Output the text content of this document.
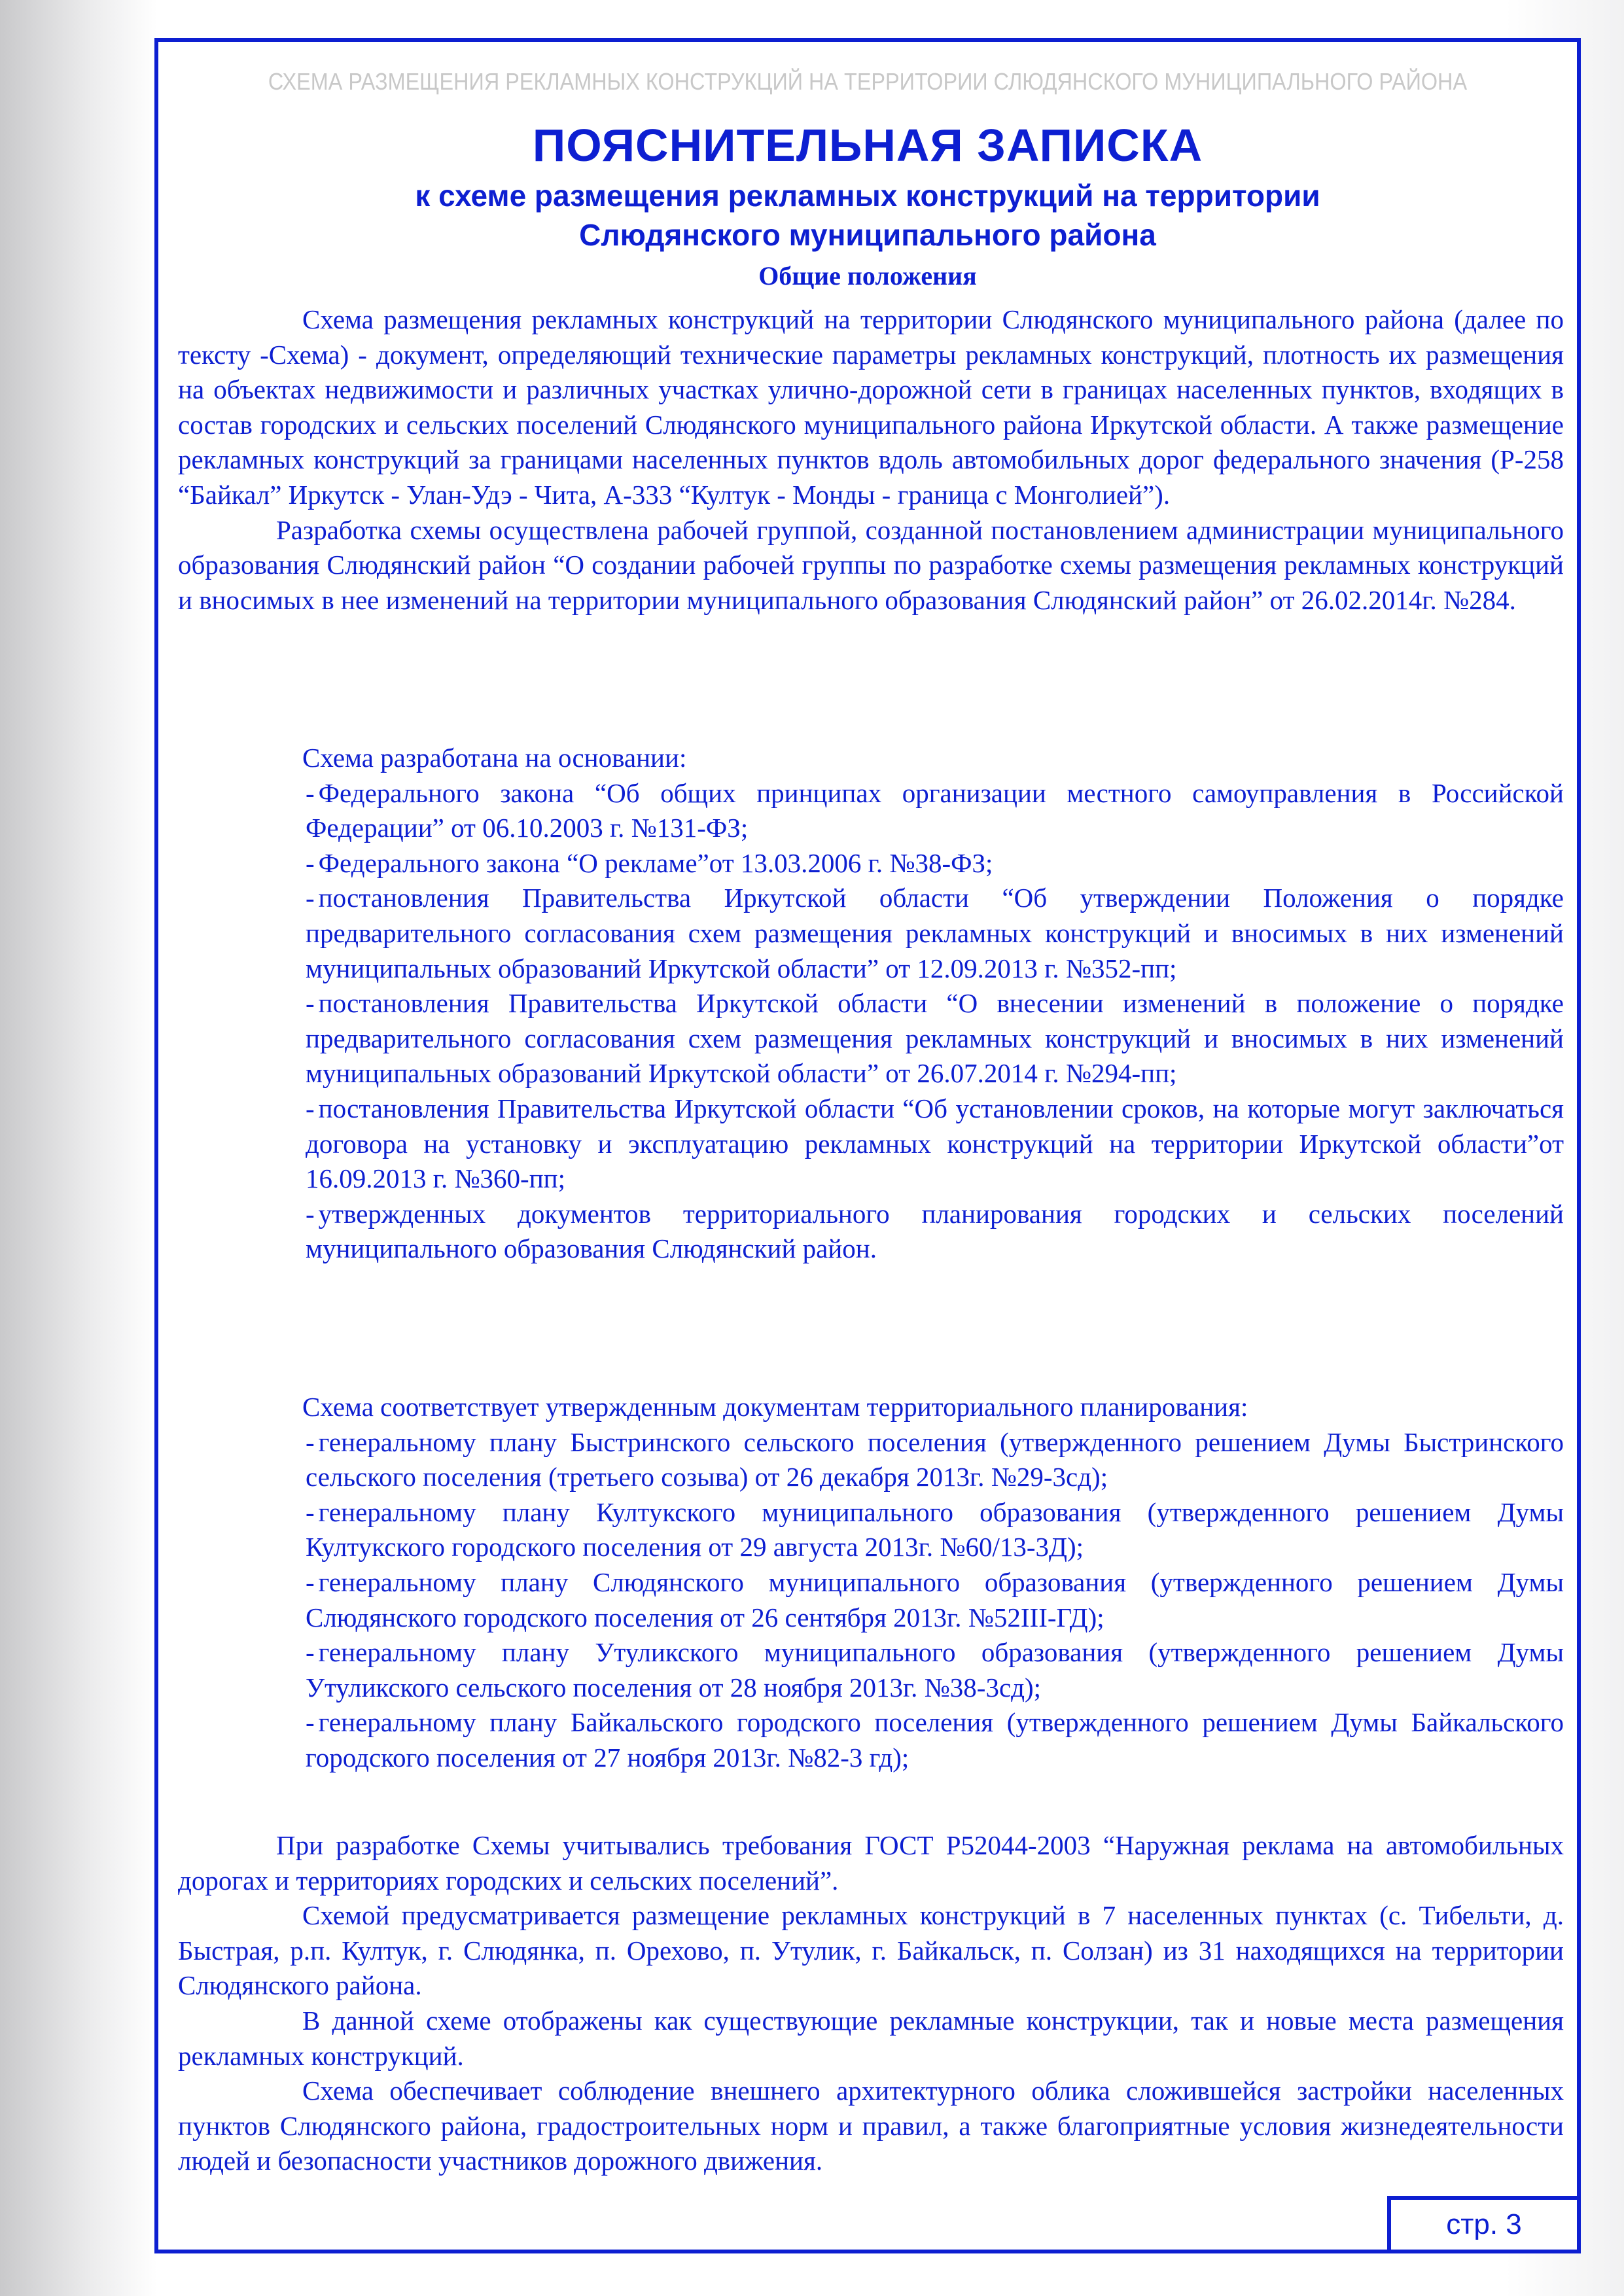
СХЕМА РАЗМЕЩЕНИЯ РЕКЛАМНЫХ КОНСТРУКЦИЙ НА ТЕРРИТОРИИ СЛЮДЯНСКОГО МУНИЦИПАЛЬНОГО РАЙОНА
ПОЯСНИТЕЛЬНАЯ ЗАПИСКА
к схеме размещения рекламных конструкций на территории
Слюдянского муниципального района
Общие положения

Схема размещения рекламных конструкций на территории Слюдянского муниципального района (далее по тексту -Схема) - документ, определяющий технические параметры рекламных конструкций, плотность их размещения на объектах недвижимости и различных участках улично-дорожной сети в границах населенных пунктов, входящих в состав городских и сельских поселений Слюдянского муниципального района Иркутской области. А также размещение рекламных конструкций за границами населенных пунктов вдоль автомобильных дорог федерального значения (Р-258 “Байкал” Иркутск - Улан-Удэ - Чита, А-333 “Култук - Монды - граница с Монголией”).

Разработка схемы осуществлена рабочей группой, созданной постановлением администрации муниципального образования Слюдянский район “О создании рабочей группы по разработке схемы размещения рекламных конструкций и вносимых в нее изменений на территории муниципального образования Слюдянский район” от 26.02.2014г. №284.

Схема разработана на основании:

- Федерального закона “Об общих принципах организации местного самоуправления в Российской Федерации” от 06.10.2003 г. №131-ФЗ;

- Федерального закона “О рекламе”от 13.03.2006 г. №38-ФЗ;

- постановления Правительства Иркутской области “Об утверждении Положения о порядке предварительного согласования схем размещения рекламных конструкций и вносимых в них изменений муниципальных образований Иркутской области” от 12.09.2013 г. №352-пп;

- постановления Правительства Иркутской области “О внесении изменений в положение о порядке предварительного согласования схем размещения рекламных конструкций и вносимых в них изменений муниципальных образований Иркутской области” от 26.07.2014 г. №294-пп;

- постановления Правительства Иркутской области “Об установлении сроков, на которые могут заключаться договора на установку и эксплуатацию рекламных конструкций на территории Иркутской области”от 16.09.2013 г. №360-пп;

- утвержденных документов территориального планирования городских и сельских поселений муниципального образования Слюдянский район.

Схема соответствует утвержденным документам территориального планирования:

- генеральному плану Быстринского сельского поселения (утвержденного решением Думы Быстринского сельского поселения (третьего созыва) от 26 декабря 2013г. №29-3сд);

- генеральному плану Култукского муниципального образования (утвержденного решением Думы Култукского городского поселения от 29 августа 2013г. №60/13-3Д);

- генеральному плану Слюдянского муниципального образования (утвержденного решением Думы Слюдянского городского поселения от 26 сентября 2013г. №52III-ГД);

- генеральному плану Утуликского муниципального образования (утвержденного решением Думы Утуликского сельского поселения от 28 ноября 2013г. №38-3сд);

- генеральному плану Байкальского городского поселения (утвержденного решением Думы Байкальского городского поселения от 27 ноября 2013г. №82-3 гд);

При разработке Схемы учитывались требования ГОСТ Р52044-2003 “Наружная реклама на автомобильных дорогах и территориях городских и сельских поселений”.

Схемой предусматривается размещение рекламных конструкций в 7 населенных пунктах (с. Тибельти, д. Быстрая, р.п. Култук, г. Слюдянка, п. Орехово, п. Утулик, г. Байкальск, п. Солзан) из 31 находящихся на территории Слюдянского района.

В данной схеме отображены как существующие рекламные конструкции, так и новые места размещения рекламных конструкций.

Схема обеспечивает соблюдение внешнего архитектурного облика сложившейся застройки населенных пунктов Слюдянского района, градостроительных норм и правил, а также благоприятные условия жизнедеятельности людей и безопасности участников дорожного движения.

стр. 3
